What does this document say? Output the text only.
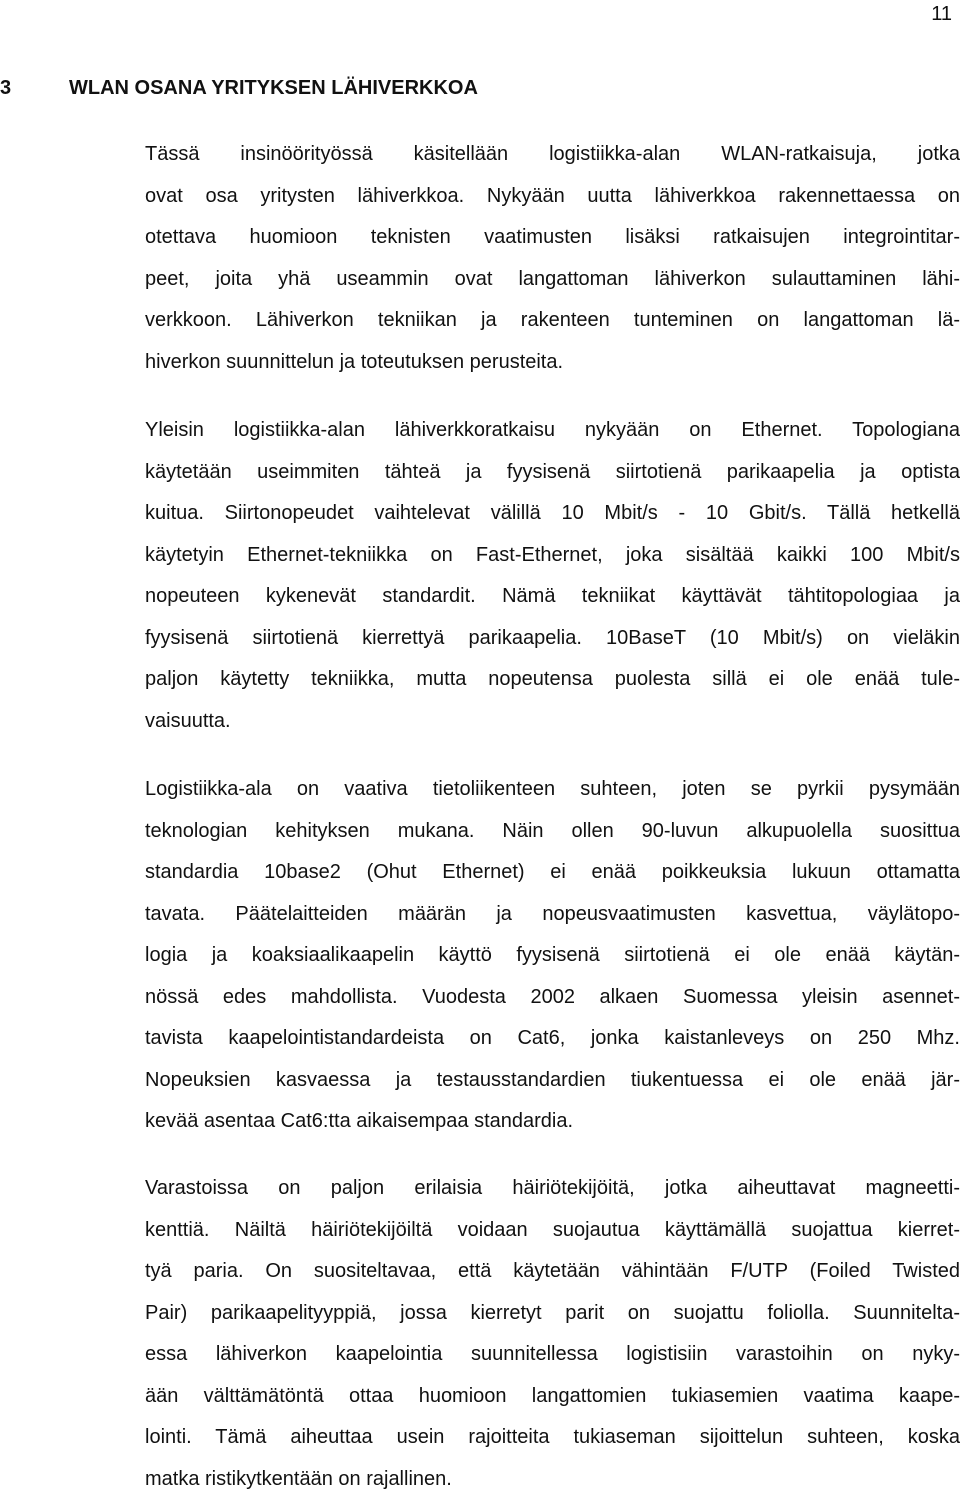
11
3	WLAN OSANA YRITYKSEN LÄHIVERKKOA
Tässä insinöörityössä käsitellään logistiikka-alan WLAN-ratkaisuja, jotka
ovat osa yritysten lähiverkkoa. Nykyään uutta lähiverkkoa rakennettaessa on
otettava huomioon teknisten vaatimusten lisäksi ratkaisujen integrointitar-
peet, joita yhä useammin ovat langattoman lähiverkon sulauttaminen lähi-
verkkoon. Lähiverkon tekniikan ja rakenteen tunteminen on langattoman lä-
hiverkon suunnittelun ja toteutuksen perusteita.
Yleisin logistiikka-alan lähiverkkoratkaisu nykyään on Ethernet. Topologiana
käytetään useimmiten tähteä ja fyysisenä siirtotienä parikaapelia ja optista
kuitua. Siirtonopeudet vaihtelevat välillä 10 Mbit/s - 10 Gbit/s. Tällä hetkellä
käytetyin Ethernet-tekniikka on Fast-Ethernet, joka sisältää kaikki 100 Mbit/s
nopeuteen kykenevät standardit. Nämä tekniikat käyttävät tähtitopologiaa ja
fyysisenä siirtotienä kierrettyä parikaapelia. 10BaseT (10 Mbit/s) on vieläkin
paljon käytetty tekniikka, mutta nopeutensa puolesta sillä ei ole enää tule-
vaisuutta.
Logistiikka-ala on vaativa tietoliikenteen suhteen, joten se pyrkii pysymään
teknologian kehityksen mukana. Näin ollen 90-luvun alkupuolella suosittua
standardia 10base2 (Ohut Ethernet) ei enää poikkeuksia lukuun ottamatta
tavata. Päätelaitteiden määrän ja nopeusvaatimusten kasvettua, väylätopo-
logia ja koaksiaalikaapelin käyttö fyysisenä siirtotienä ei ole enää käytän-
nössä edes mahdollista. Vuodesta 2002 alkaen Suomessa yleisin asennet-
tavista kaapelointistandardeista on Cat6, jonka kaistanleveys on 250 Mhz.
Nopeuksien kasvaessa ja testausstandardien tiukentuessa ei ole enää jär-
kevää asentaa Cat6:tta aikaisempaa standardia.
Varastoissa on paljon erilaisia häiriötekijöitä, jotka aiheuttavat magneetti-
kenttiä. Näiltä häiriötekijöiltä voidaan suojautua käyttämällä suojattua kierret-
tyä paria. On suositeltavaa, että käytetään vähintään F/UTP (Foiled Twisted
Pair) parikaapelityyppiä, jossa kierretyt parit on suojattu foliolla. Suunnitelta-
essa lähiverkon kaapelointia suunnitellessa logistisiin varastoihin on nyky-
ään välttämätöntä ottaa huomioon langattomien tukiasemien vaatima kaape-
lointi. Tämä aiheuttaa usein rajoitteita tukiaseman sijoittelun suhteen, koska
matka ristikytkentään on rajallinen.
